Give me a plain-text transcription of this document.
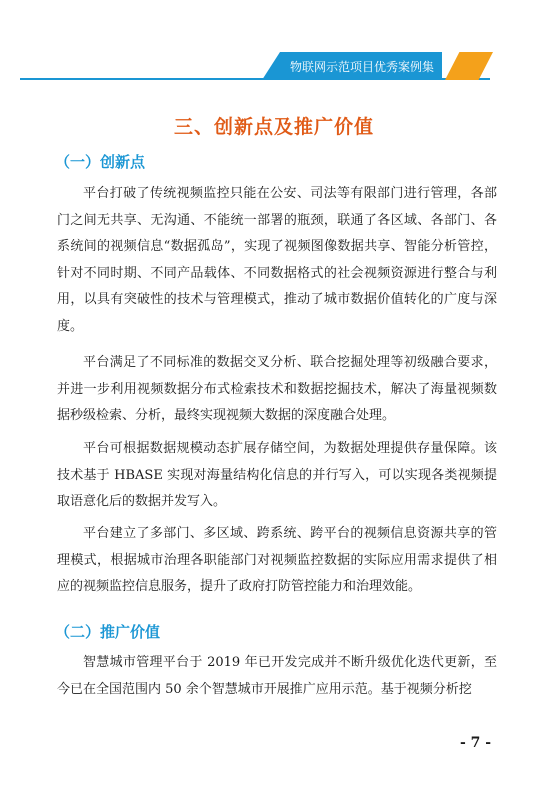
物联网示范项目优秀案例集
三、创新点及推广价值
（一）创新点

平台打破了传统视频监控只能在公安、司法等有限部门进行管理，各部门之间无共享、无沟通、不能统一部署的瓶颈，联通了各区域、各部门、各系统间的视频信息“数据孤岛”，实现了视频图像数据共享、智能分析管控，针对不同时期、不同产品载体、不同数据格式的社会视频资源进行整合与利用，以具有突破性的技术与管理模式，推动了城市数据价值转化的广度与深度。

平台满足了不同标准的数据交叉分析、联合挖掘处理等初级融合要求，并进一步利用视频数据分布式检索技术和数据挖掘技术，解决了海量视频数据秒级检索、分析，最终实现视频大数据的深度融合处理。

平台可根据数据规模动态扩展存储空间，为数据处理提供存量保障。该技术基于 HBASE 实现对海量结构化信息的并行写入，可以实现各类视频提取语意化后的数据并发写入。

平台建立了多部门、多区域、跨系统、跨平台的视频信息资源共享的管理模式，根据城市治理各职能部门对视频监控数据的实际应用需求提供了相应的视频监控信息服务，提升了政府打防管控能力和治理效能。

（二）推广价值

智慧城市管理平台于 2019 年已开发完成并不断升级优化迭代更新，至今已在全国范围内 50 余个智慧城市开展推广应用示范。基于视频分析挖

- 7 -
